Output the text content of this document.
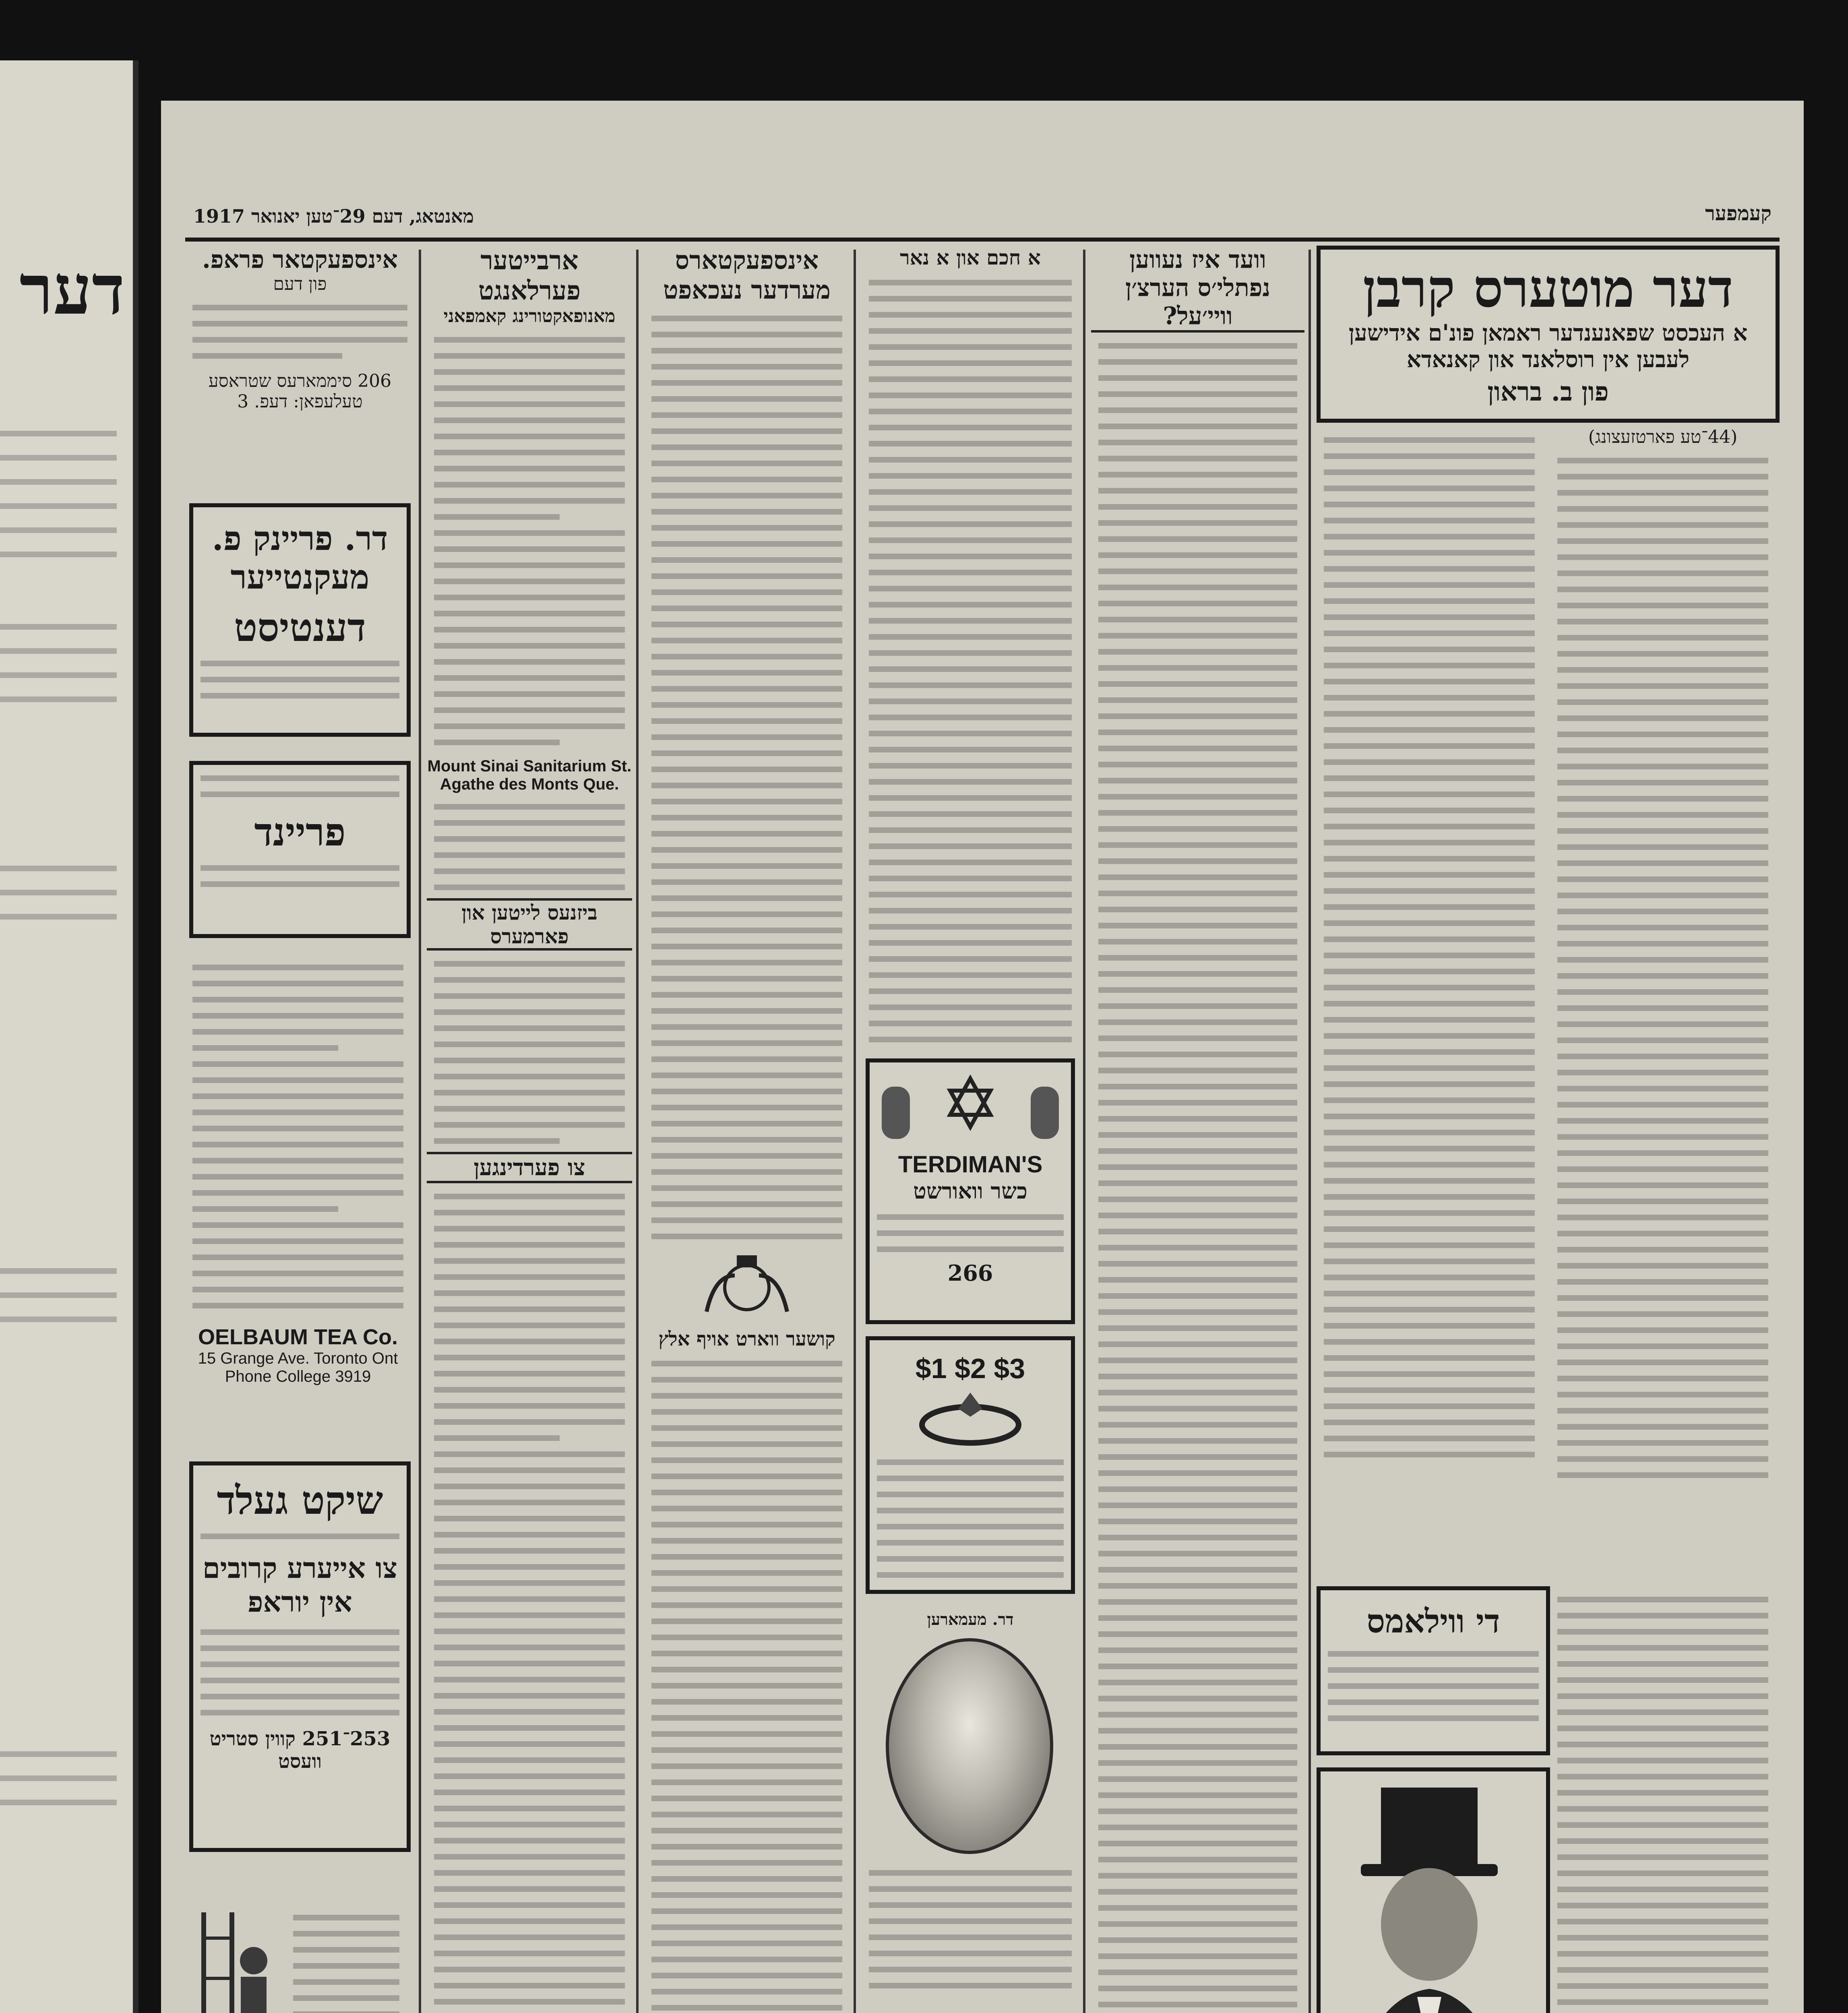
דער
מאנטאג, דעם 29־טען יאנואר 1917	קעמפער
אינספעקטאר פראפ.
פון דעם
206 סיממארעס שטראסע טעלעפאן: דעפ. 3
דר. פריינק פ. מעקנטייער
דענטיסט
פריינד
OELBAUM TEA Co.
15 Grange Ave. Toronto Ont
Phone College 3919
שיקט געלד
צו אייערע קרובים אין יוראפ
253־251 קווין סטריט וועסט
ארבייטער פערלאנגט
מאנופאקטורינג קאמפאני
Mount Sinai Sanitarium St. Agathe des Monts Que.
ביזנעס לייטען און פארמערס
צו פערדינגען
אינספעקטארס מערדער נעכאפט
קושער ווארט אויף אלץ
א חכם און א נאר
TERDIMAN'S
כשר וואורשט
266
$1 $2 $3
דר. מעמארען
וועד איז נעווען נפתלי׳ס הערצ׳ן וויי׳על?	דער מוטערס קרבן
א העכסט שפאנענדער ראמאן פונ'ם אידישען לעבען אין רוסלאנד און קאנאדא
פון ב. בראון
(44־טע פארטזעצונג)
די ווילאמס
